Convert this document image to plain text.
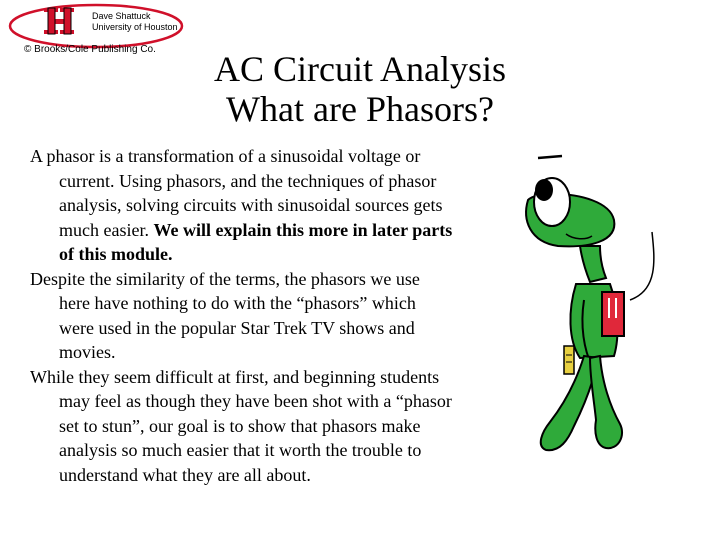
Dave Shattuck
University of Houston
© Brooks/Cole Publishing Co.	AC Circuit Analysis
What are Phasors?

A phasor is a transformation of a sinusoidal voltage or current. Using phasors, and the techniques of phasor analysis, solving circuits with sinusoidal sources gets much easier. We will explain this more in later parts of this module.

Despite the similarity of the terms, the phasors we use here have nothing to do with the “phasors” which were used in the popular Star Trek TV shows and movies.

While they seem difficult at first, and beginning students may feel as though they have been shot with a “phasor set to stun”, our goal is to show that phasors make analysis so much easier that it worth the trouble to understand what they are all about.
